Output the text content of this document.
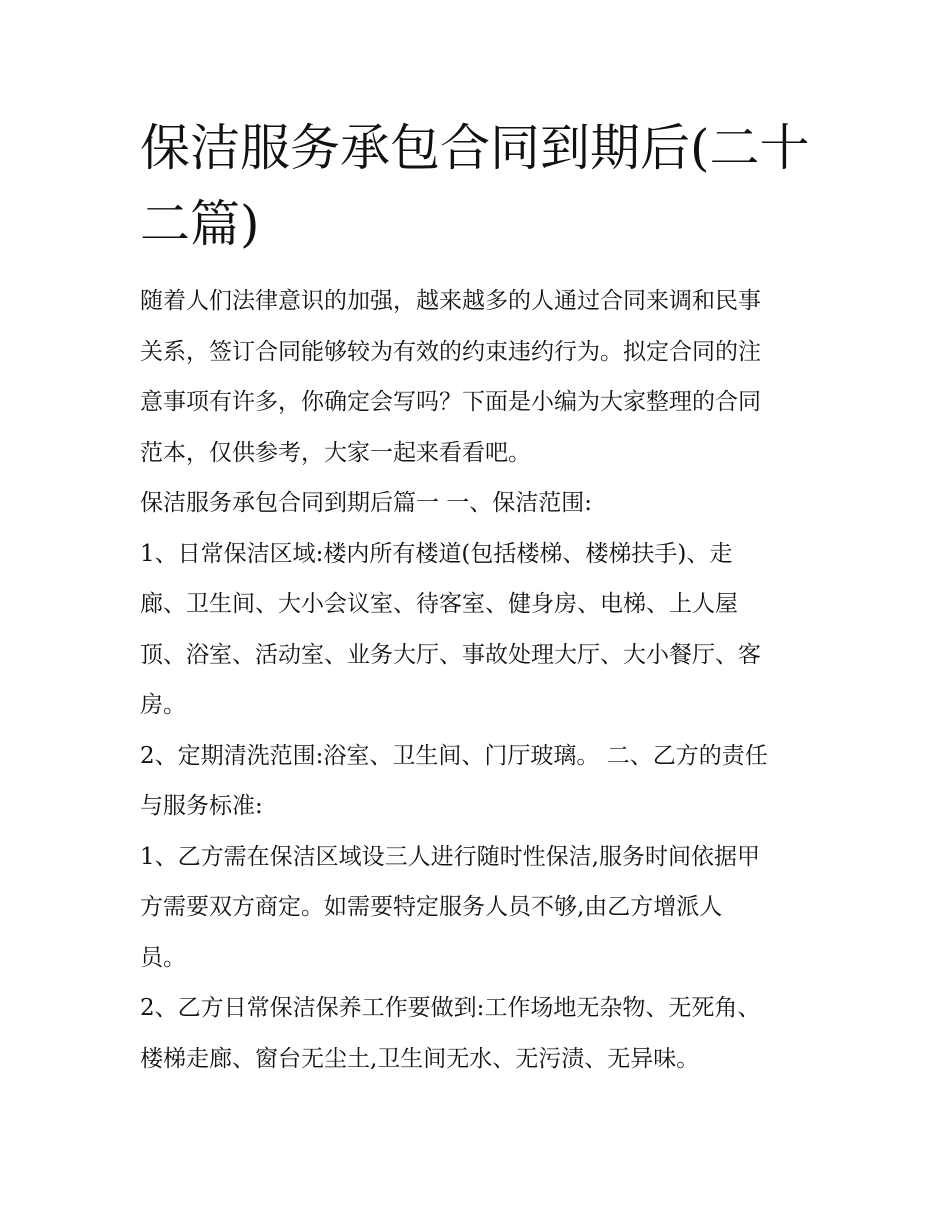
保洁服务承包合同到期后(二十
二篇)
随着人们法律意识的加强，越来越多的人通过合同来调和民事
关系，签订合同能够较为有效的约束违约行为。拟定合同的注
意事项有许多，你确定会写吗？下面是小编为大家整理的合同
范本，仅供参考，大家一起来看看吧。
保洁服务承包合同到期后篇一 一、保洁范围:
1、日常保洁区域:楼内所有楼道(包括楼梯、楼梯扶手)、走
廊、卫生间、大小会议室、待客室、健身房、电梯、上人屋
顶、浴室、活动室、业务大厅、事故处理大厅、大小餐厅、客
房。
2、定期清洗范围:浴室、卫生间、门厅玻璃。 二、乙方的责任
与服务标准:
1、乙方需在保洁区域设三人进行随时性保洁,服务时间依据甲
方需要双方商定。如需要特定服务人员不够,由乙方增派人
员。
2、乙方日常保洁保养工作要做到:工作场地无杂物、无死角、
楼梯走廊、窗台无尘土,卫生间无水、无污渍、无异味。
